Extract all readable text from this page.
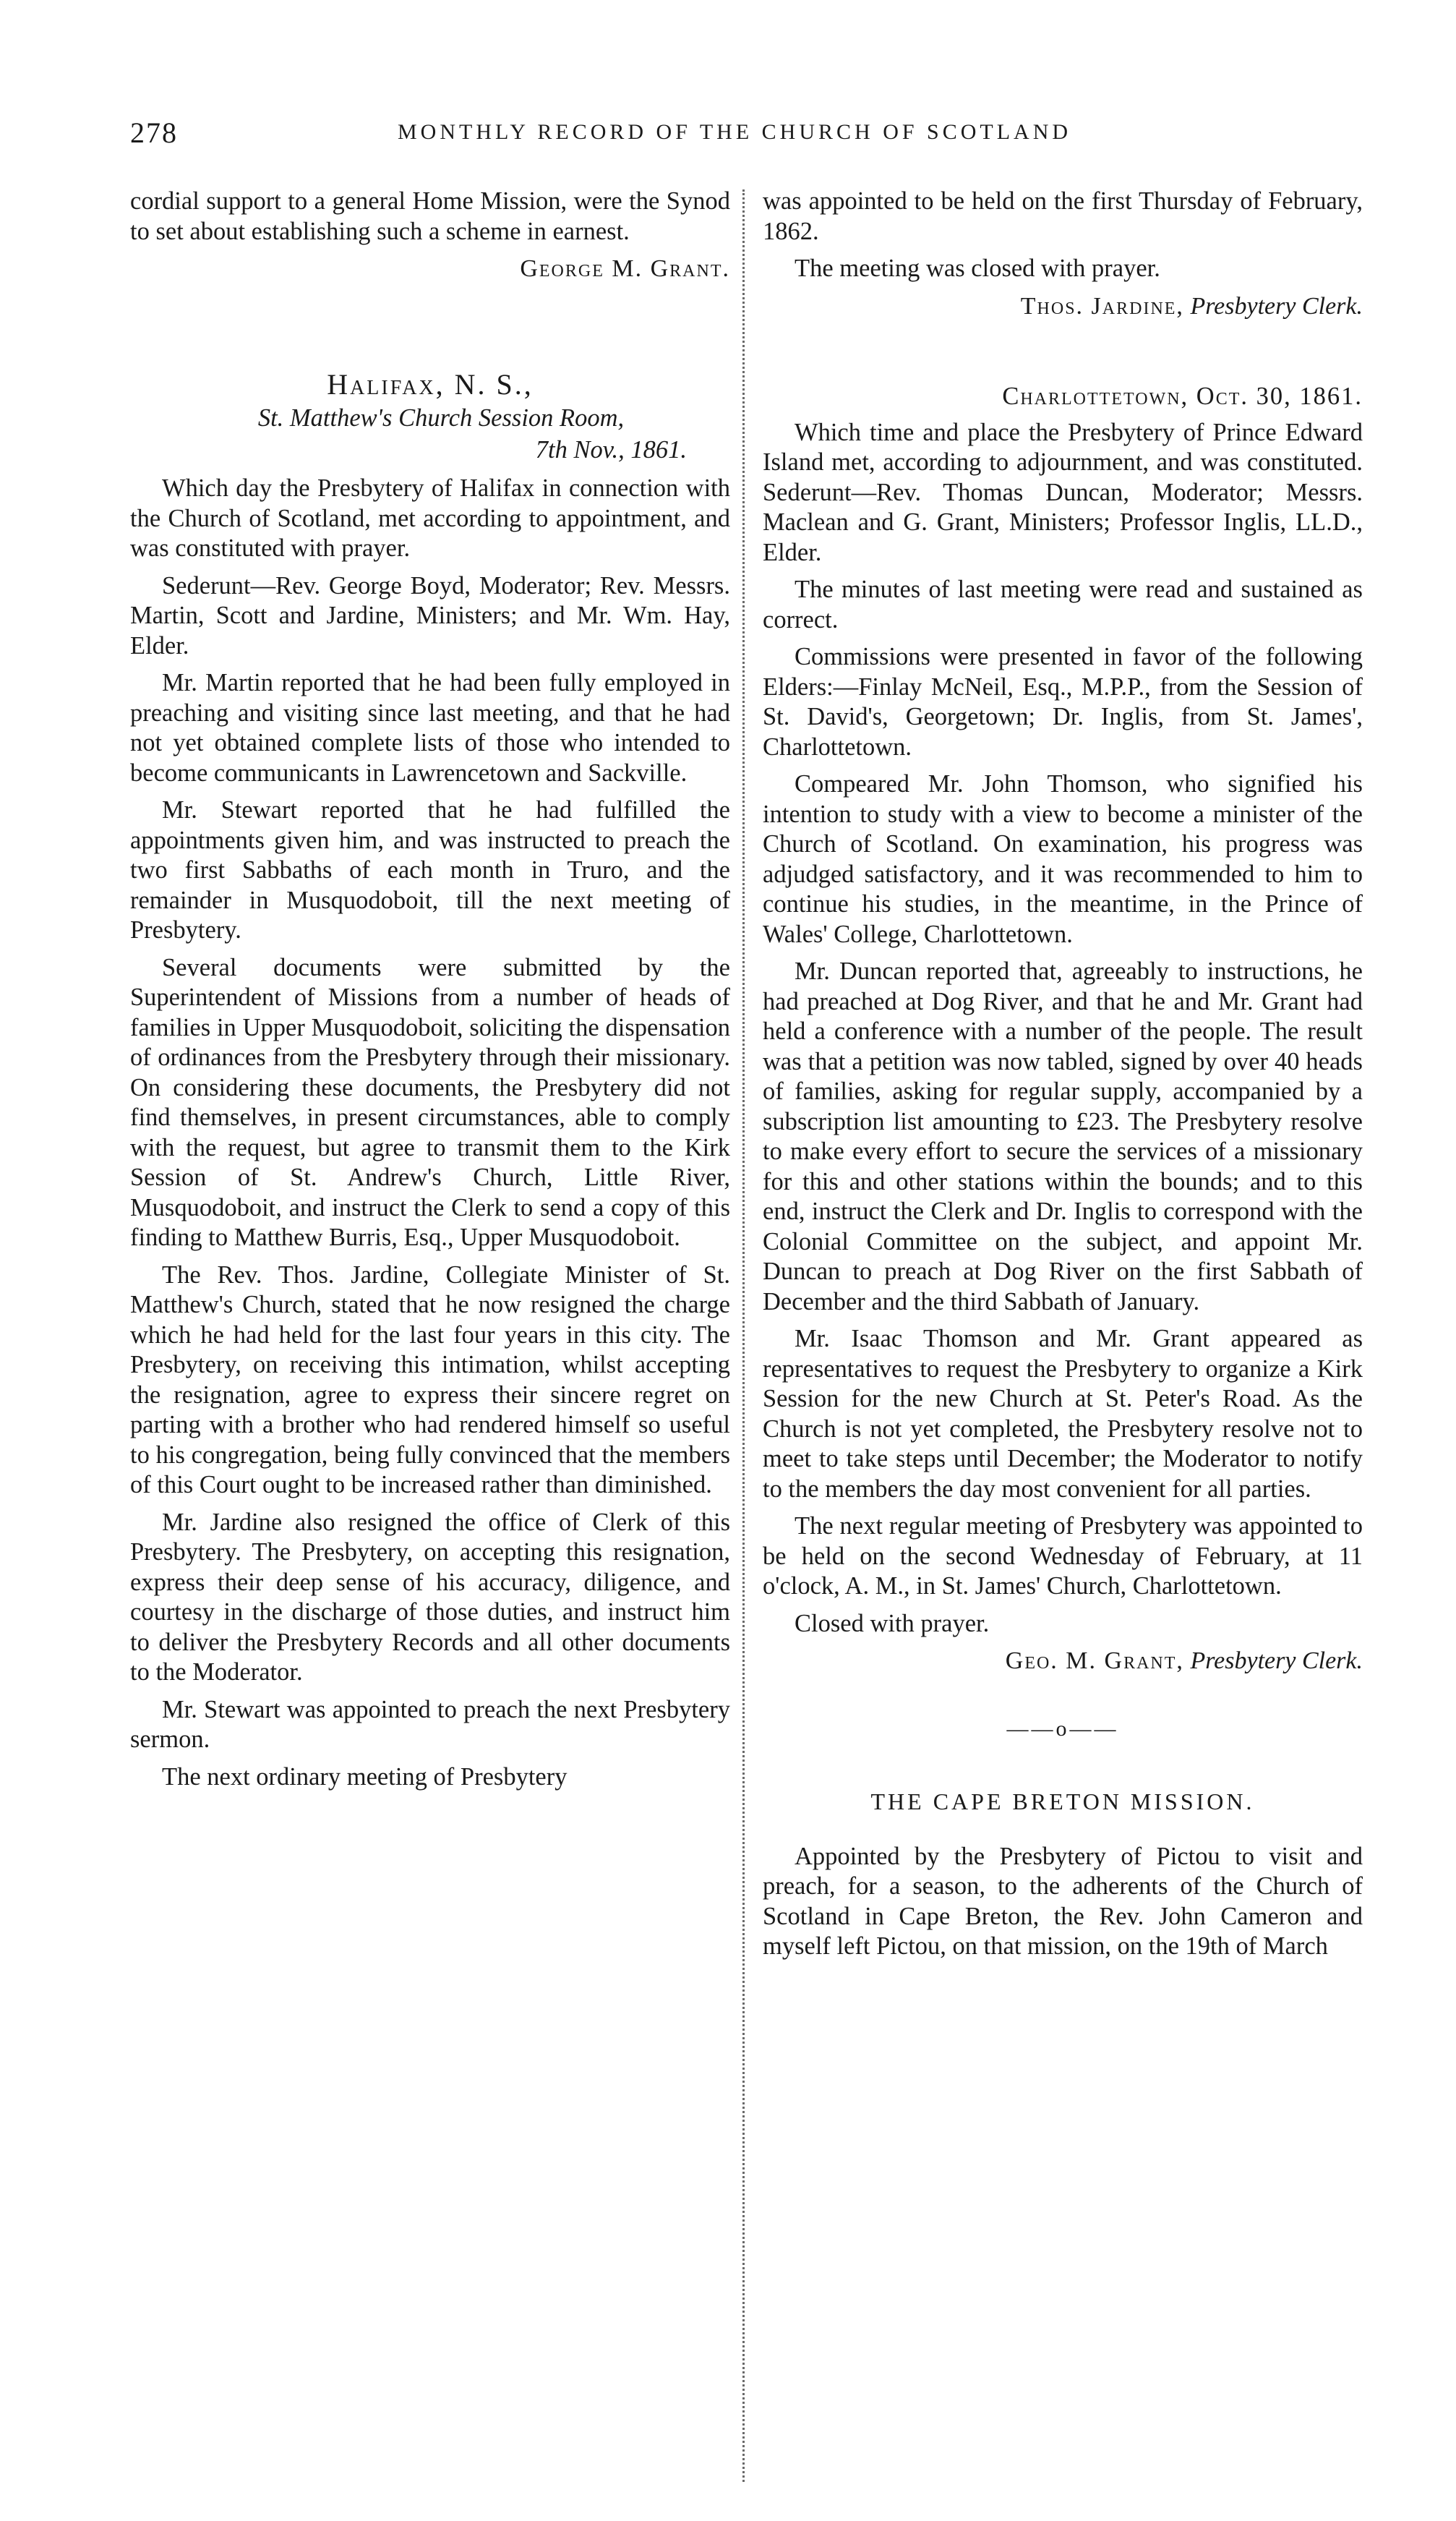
278	MONTHLY RECORD OF THE CHURCH OF SCOTLAND

cordial support to a general Home Mission, were the Synod to set about establishing such a scheme in earnest.

George M. Grant.
Halifax, N. S.,
St. Matthew's Church Session Room,
7th Nov., 1861.

Which day the Presbytery of Halifax in connection with the Church of Scotland, met according to appointment, and was constituted with prayer.

Sederunt—Rev. George Boyd, Moderator; Rev. Messrs. Martin, Scott and Jardine, Ministers; and Mr. Wm. Hay, Elder.

Mr. Martin reported that he had been fully employed in preaching and visiting since last meeting, and that he had not yet obtained complete lists of those who intended to become communicants in Lawrencetown and Sackville.

Mr. Stewart reported that he had fulfilled the appointments given him, and was instructed to preach the two first Sabbaths of each month in Truro, and the remainder in Musquodoboit, till the next meeting of Presbytery.

Several documents were submitted by the Superintendent of Missions from a number of heads of families in Upper Musquodoboit, soliciting the dispensation of ordinances from the Presbytery through their missionary. On considering these documents, the Presbytery did not find themselves, in present circumstances, able to comply with the request, but agree to transmit them to the Kirk Session of St. Andrew's Church, Little River, Musquodoboit, and instruct the Clerk to send a copy of this finding to Matthew Burris, Esq., Upper Musquodoboit.

The Rev. Thos. Jardine, Collegiate Minister of St. Matthew's Church, stated that he now resigned the charge which he had held for the last four years in this city. The Presbytery, on receiving this intimation, whilst accepting the resignation, agree to express their sincere regret on parting with a brother who had rendered himself so useful to his congregation, being fully convinced that the members of this Court ought to be increased rather than diminished.

Mr. Jardine also resigned the office of Clerk of this Presbytery. The Presbytery, on accepting this resignation, express their deep sense of his accuracy, diligence, and courtesy in the discharge of those duties, and instruct him to deliver the Presbytery Records and all other documents to the Moderator.

Mr. Stewart was appointed to preach the next Presbytery sermon.

The next ordinary meeting of Presbytery

was appointed to be held on the first Thursday of February, 1862.

The meeting was closed with prayer.

Thos. Jardine, Presbytery Clerk.
Charlottetown, Oct. 30, 1861.

Which time and place the Presbytery of Prince Edward Island met, according to adjournment, and was constituted. Sederunt—Rev. Thomas Duncan, Moderator; Messrs. Maclean and G. Grant, Ministers; Professor Inglis, LL.D., Elder.

The minutes of last meeting were read and sustained as correct.

Commissions were presented in favor of the following Elders:—Finlay McNeil, Esq., M.P.P., from the Session of St. David's, Georgetown; Dr. Inglis, from St. James', Charlottetown.

Compeared Mr. John Thomson, who signified his intention to study with a view to become a minister of the Church of Scotland. On examination, his progress was adjudged satisfactory, and it was recommended to him to continue his studies, in the meantime, in the Prince of Wales' College, Charlottetown.

Mr. Duncan reported that, agreeably to instructions, he had preached at Dog River, and that he and Mr. Grant had held a conference with a number of the people. The result was that a petition was now tabled, signed by over 40 heads of families, asking for regular supply, accompanied by a subscription list amounting to £23. The Presbytery resolve to make every effort to secure the services of a missionary for this and other stations within the bounds; and to this end, instruct the Clerk and Dr. Inglis to correspond with the Colonial Committee on the subject, and appoint Mr. Duncan to preach at Dog River on the first Sabbath of December and the third Sabbath of January.

Mr. Isaac Thomson and Mr. Grant appeared as representatives to request the Presbytery to organize a Kirk Session for the new Church at St. Peter's Road. As the Church is not yet completed, the Presbytery resolve not to meet to take steps until December; the Moderator to notify to the members the day most convenient for all parties.

The next regular meeting of Presbytery was appointed to be held on the second Wednesday of February, at 11 o'clock, A. M., in St. James' Church, Charlottetown.

Closed with prayer.

Geo. M. Grant, Presbytery Clerk.
——o——
THE CAPE BRETON MISSION.

Appointed by the Presbytery of Pictou to visit and preach, for a season, to the adherents of the Church of Scotland in Cape Breton, the Rev. John Cameron and myself left Pictou, on that mission, on the 19th of March
